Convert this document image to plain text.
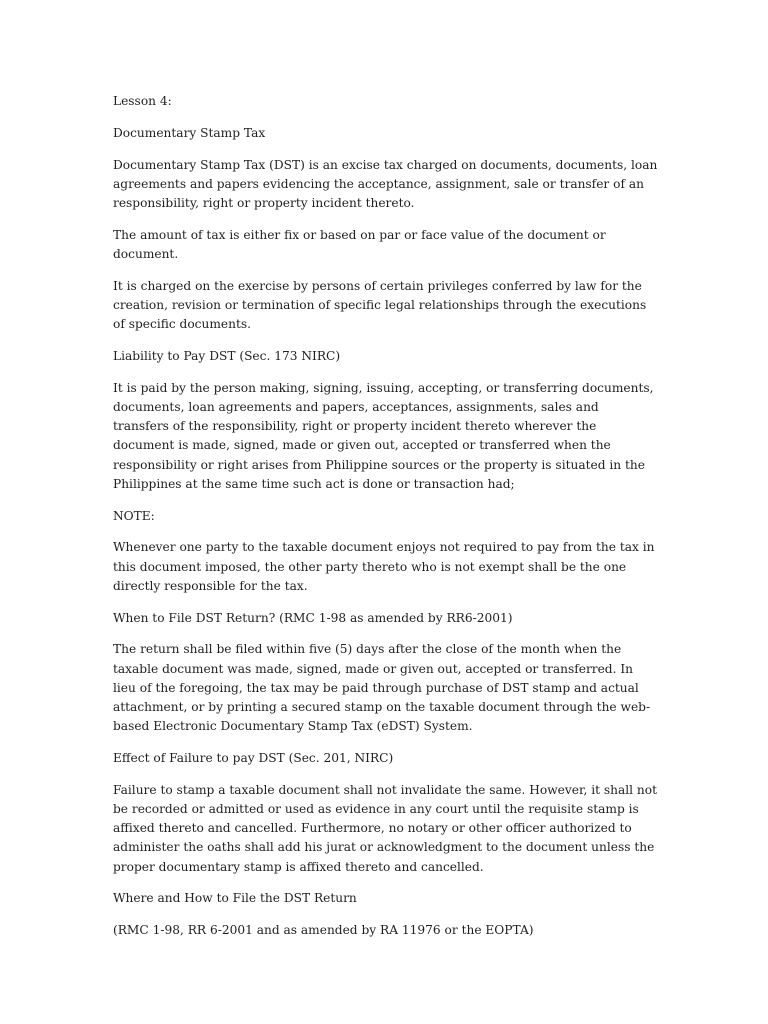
Lesson 4:

Documentary Stamp Tax

Documentary Stamp Tax (DST) is an excise tax charged on documents, documents, loan agreements and papers evidencing the acceptance, assignment, sale or transfer of an responsibility, right or property incident thereto.

The amount of tax is either fix or based on par or face value of the document or document.

It is charged on the exercise by persons of certain privileges conferred by law for the creation, revision or termination of specific legal relationships through the executions of specific documents.

Liability to Pay DST (Sec. 173 NIRC)

It is paid by the person making, signing, issuing, accepting, or transferring documents, documents, loan agreements and papers, acceptances, assignments, sales and transfers of the responsibility, right or property incident thereto wherever the document is made, signed, made or given out, accepted or transferred when the responsibility or right arises from Philippine sources or the property is situated in the Philippines at the same time such act is done or transaction had;

NOTE:

Whenever one party to the taxable document enjoys not required to pay from the tax in this document imposed, the other party thereto who is not exempt shall be the one directly responsible for the tax.

When to File DST Return? (RMC 1-98 as amended by RR6-2001)

The return shall be filed within five (5) days after the close of the month when the taxable document was made, signed, made or given out, accepted or transferred. In lieu of the foregoing, the tax may be paid through purchase of DST stamp and actual attachment, or by printing a secured stamp on the taxable document through the web-based Electronic Documentary Stamp Tax (eDST) System.

Effect of Failure to pay DST (Sec. 201, NIRC)

Failure to stamp a taxable document shall not invalidate the same. However, it shall not be recorded or admitted or used as evidence in any court until the requisite stamp is affixed thereto and cancelled. Furthermore, no notary or other officer authorized to administer the oaths shall add his jurat or acknowledgment to the document unless the proper documentary stamp is affixed thereto and cancelled.

Where and How to File the DST Return

(RMC 1-98, RR 6-2001 and as amended by RA 11976 or the EOPTA)
